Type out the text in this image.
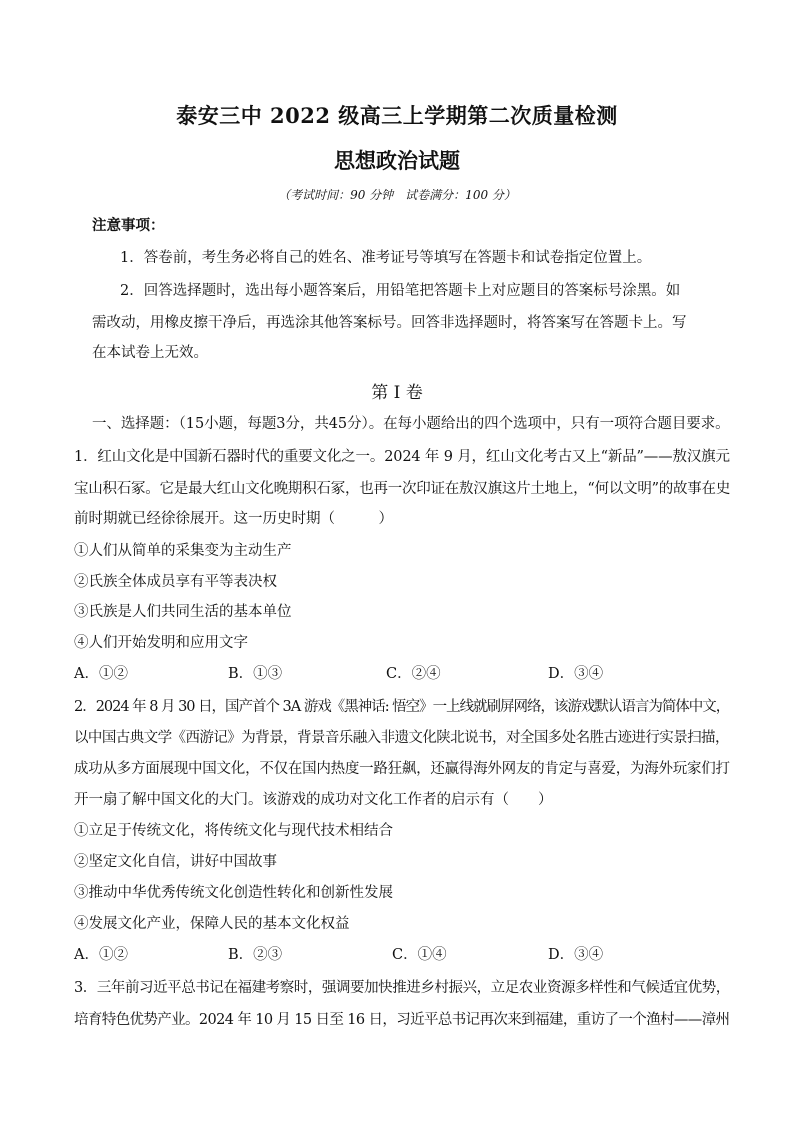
泰安三中 2022 级高三上学期第二次质量检测
思想政治试题
（考试时间：90 分钟　试卷满分：100 分）
注意事项：
1．答卷前，考生务必将自己的姓名、准考证号等填写在答题卡和试卷指定位置上。
2．回答选择题时，选出每小题答案后，用铅笔把答题卡上对应题目的答案标号涂黑。如
需改动，用橡皮擦干净后，再选涂其他答案标号。回答非选择题时，将答案写在答题卡上。写
在本试卷上无效。
第 I 卷
一、选择题：（15小题，每题3分，共45分）。在每小题给出的四个选项中，只有一项符合题目要求。
1．红山文化是中国新石器时代的重要文化之一。2024 年 9 月，红山文化考古又上“新品”——敖汉旗元
宝山积石冢。它是最大红山文化晚期积石冢，也再一次印证在敖汉旗这片土地上，“何以文明”的故事在史
前时期就已经徐徐展开。这一历史时期（　　　）
①人们从简单的采集变为主动生产
②氏族全体成员享有平等表决权
③氏族是人们共同生活的基本单位
④人们开始发明和应用文字
A．①②	B．①③	C．②④	D．③④
2．2024 年 8 月 30 日，国产首个 3A 游戏《黑神话: 悟空》一上线就刷屏网络，该游戏默认语言为简体中文，
以中国古典文学《西游记》为背景，背景音乐融入非遗文化陕北说书，对全国多处名胜古迹进行实景扫描，
成功从多方面展现中国文化，不仅在国内热度一路狂飙，还赢得海外网友的肯定与喜爱，为海外玩家们打
开一扇了解中国文化的大门。该游戏的成功对文化工作者的启示有（　　）
①立足于传统文化，将传统文化与现代技术相结合
②坚定文化自信，讲好中国故事
③推动中华优秀传统文化创造性转化和创新性发展
④发展文化产业，保障人民的基本文化权益
A．①②	B．②③	C．①④	D．③④
3．三年前习近平总书记在福建考察时，强调要加快推进乡村振兴，立足农业资源多样性和气候适宜优势，
培育特色优势产业。2024 年 10 月 15 日至 16 日，习近平总书记再次来到福建，重访了一个渔村——漳州
